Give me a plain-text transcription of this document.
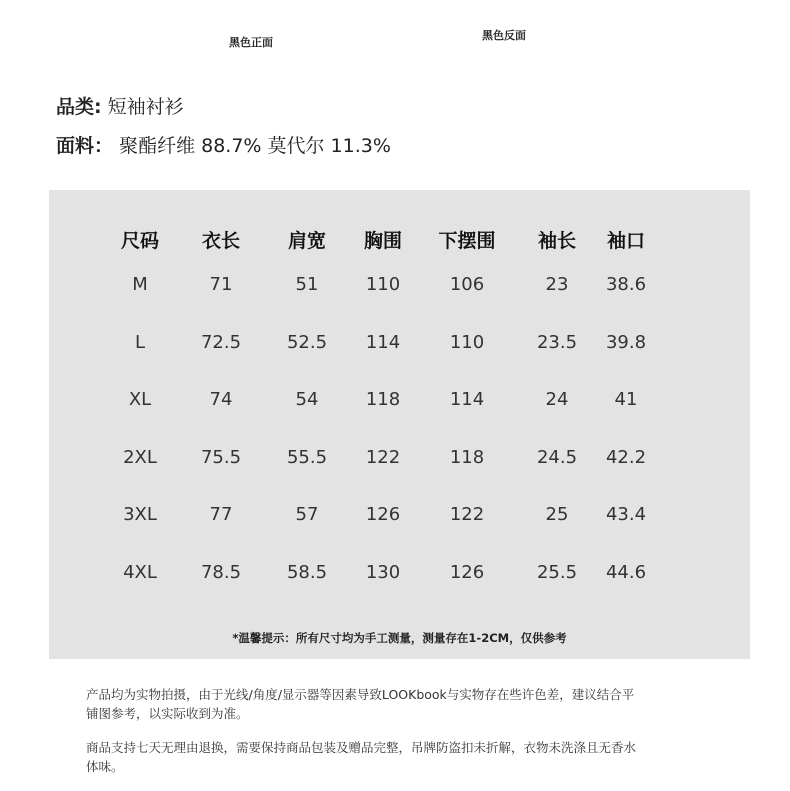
黑色正面
黑色反面
品类: 短袖衬衫
面料： 聚酯纤维 88.7% 莫代尔 11.3%
尺码 衣长	肩宽 胸围 下摆围 袖长 袖口
M	71	51	110	106	23 38.6
L	72.5	52.5 114	110	23.5 39.8
XL	74	54	118	114	24	41
2XL 75.5	55.5 122	118	24.5 42.2
3XL	77	57	126	122	25 43.4
4XL 78.5	58.5 130	126	25.5 44.6
*温馨提示：所有尺寸均为手工测量，测量存在1-2CM，仅供参考
产品均为实物拍摄，由于光线/角度/显示器等因素导致LOOKbook与实物存在些许色差，建议结合平铺图参考，以实际收到为准。
商品支持七天无理由退换，需要保持商品包装及赠品完整，吊牌防盗扣未折解，衣物未洗涤且无香水体味。
